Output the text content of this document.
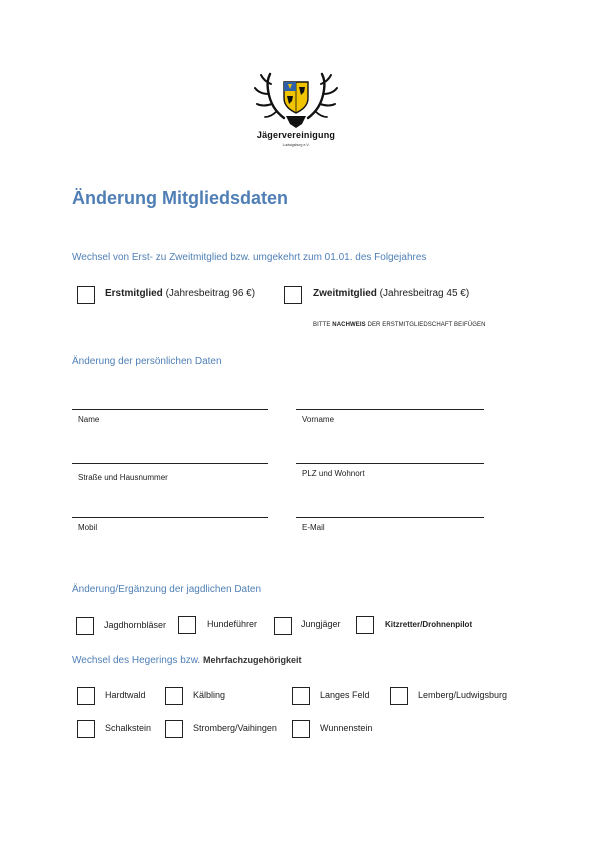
Jägervereinigung
Ludwigsburg e.V.
Änderung Mitgliedsdaten
Wechsel von Erst- zu Zweitmitglied bzw. umgekehrt zum 01.01. des Folgejahres
Erstmitglied (Jahresbeitrag 96 €)	Zweitmitglied (Jahresbeitrag 45 €)
BITTE NACHWEIS DER ERSTMITGLIEDSCHAFT BEIFÜGEN
Änderung der persönlichen Daten
Name	Vorname
Straße und Hausnummer	PLZ und Wohnort
Mobil	E-Mail
Änderung/Ergänzung der jagdlichen Daten
Jagdhornbläser	Hundeführer	Jungjäger	Kitzretter/Drohnenpilot
Wechsel des Hegerings bzw. Mehrfachzugehörigkeit
Hardtwald	Kälbling	Langes Feld	Lemberg/Ludwigsburg
Schalkstein	Stromberg/Vaihingen	Wunnenstein
